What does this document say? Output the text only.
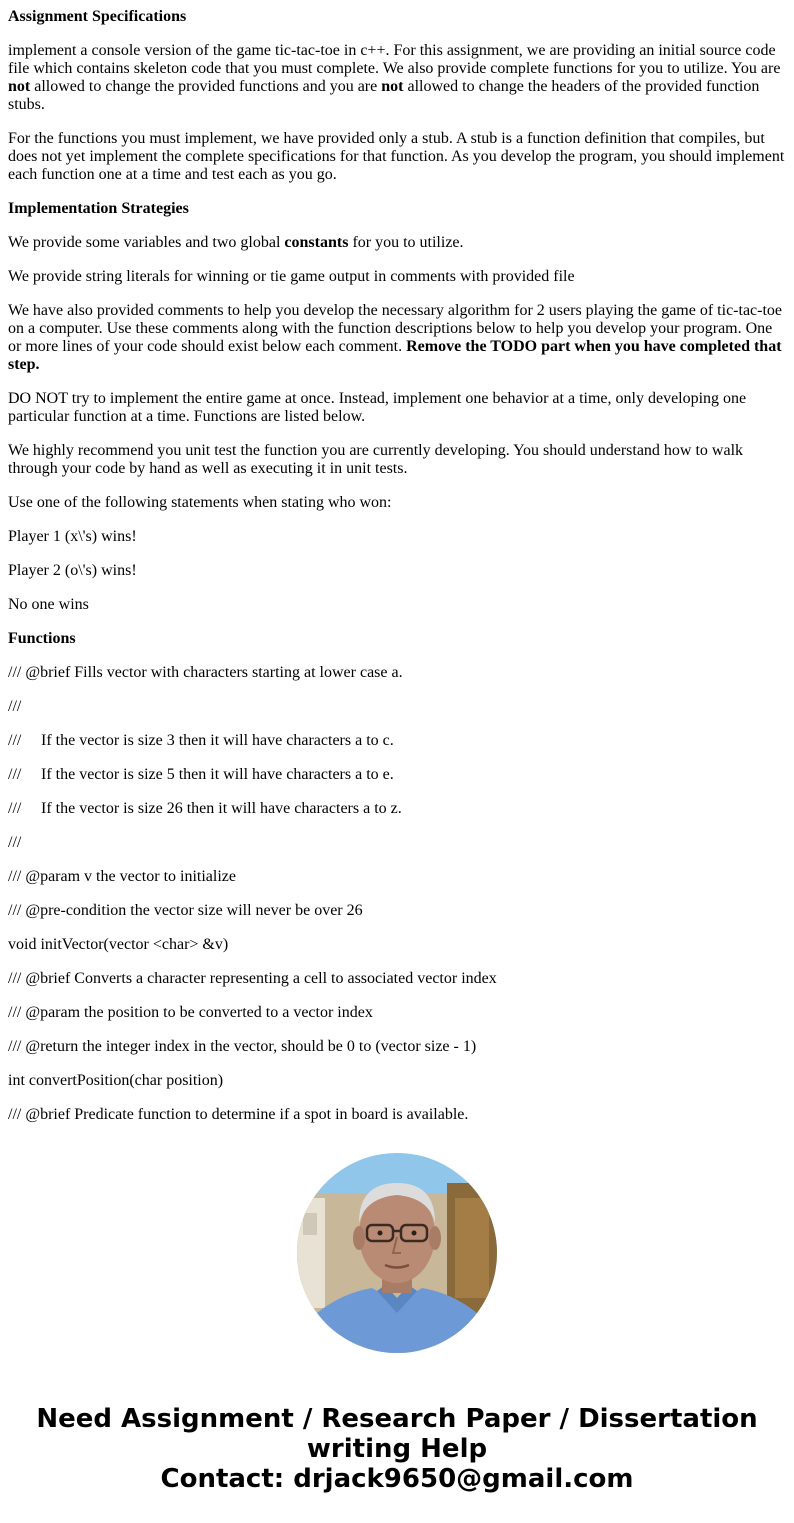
Assignment Specifications

implement a console version of the game tic-tac-toe in c++. For this assignment, we are providing an initial source code file which contains skeleton code that you must complete. We also provide complete functions for you to utilize. You are not allowed to change the provided functions and you are not allowed to change the headers of the provided function stubs.

For the functions you must implement, we have provided only a stub. A stub is a function definition that compiles, but does not yet implement the complete specifications for that function. As you develop the program, you should implement each function one at a time and test each as you go.

Implementation Strategies

We provide some variables and two global constants for you to utilize.

We provide string literals for winning or tie game output in comments with provided file

We have also provided comments to help you develop the necessary algorithm for 2 users playing the game of tic-tac-toe on a computer. Use these comments along with the function descriptions below to help you develop your program. One or more lines of your code should exist below each comment. Remove the TODO part when you have completed that step.

DO NOT try to implement the entire game at once. Instead, implement one behavior at a time, only developing one particular function at a time. Functions are listed below.

We highly recommend you unit test the function you are currently developing. You should understand how to walk through your code by hand as well as executing it in unit tests.

Use one of the following statements when stating who won:

Player 1 (x\'s) wins!

Player 2 (o\'s) wins!

No one wins

Functions

/// @brief Fills vector with characters starting at lower case a.

///

/// If the vector is size 3 then it will have characters a to c.

/// If the vector is size 5 then it will have characters a to e.

/// If the vector is size 26 then it will have characters a to z.

///

/// @param v the vector to initialize

/// @pre-condition the vector size will never be over 26

void initVector(vector <char> &v)

/// @brief Converts a character representing a cell to associated vector index

/// @param the position to be converted to a vector index

/// @return the integer index in the vector, should be 0 to (vector size - 1)

int convertPosition(char position)

/// @brief Predicate function to determine if a spot in board is available.

Need Assignment / Research Paper / Dissertation
writing Help
Contact: drjack9650@gmail.com
